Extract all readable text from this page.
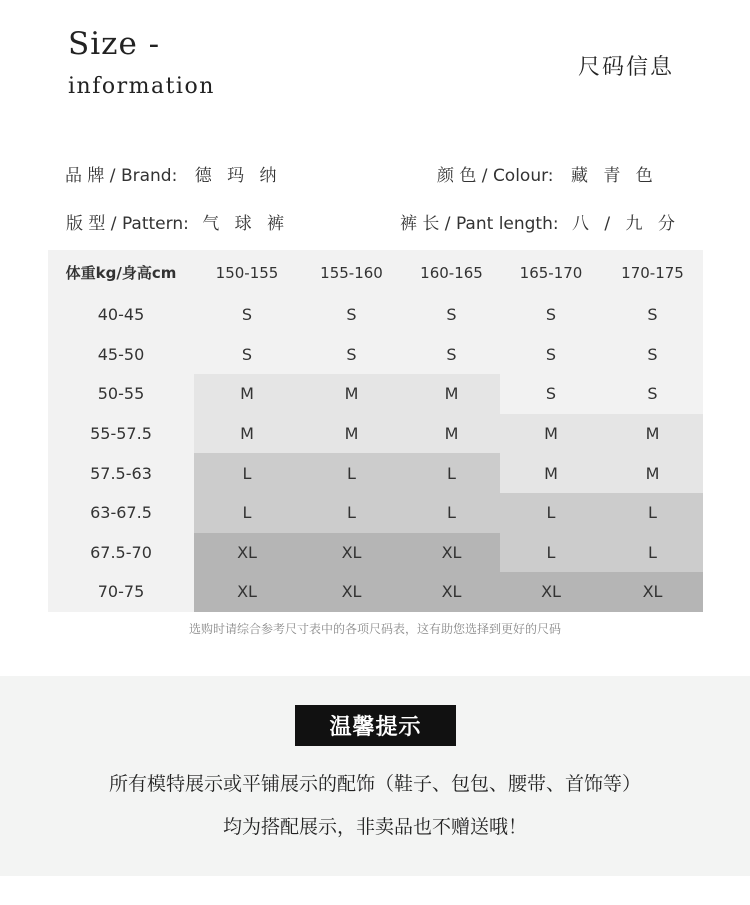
Size -
information
尺码信息
品 牌 / Brand: 德 玛 纳	颜 色 / Colour: 藏 青 色
版 型 / Pattern: 气 球 裤	裤 长 / Pant length: 八 / 九 分
体重kg/身高cm	150-155	155-160	160-165	165-170	170-175
40-45	S	S	S	S	S
45-50	S	S	S	S	S
50-55	M	M	M	S	S
55-57.5	M	M	M	M	M
57.5-63	L	L	L	M	M
63-67.5	L	L	L	L	L
67.5-70	XL	XL	XL	L	L
70-75	XL	XL	XL	XL	XL
选购时请综合参考尺寸表中的各项尺码表，这有助您选择到更好的尺码
温馨提示
所有模特展示或平铺展示的配饰（鞋子、包包、腰带、首饰等）
均为搭配展示，非卖品也不赠送哦！
